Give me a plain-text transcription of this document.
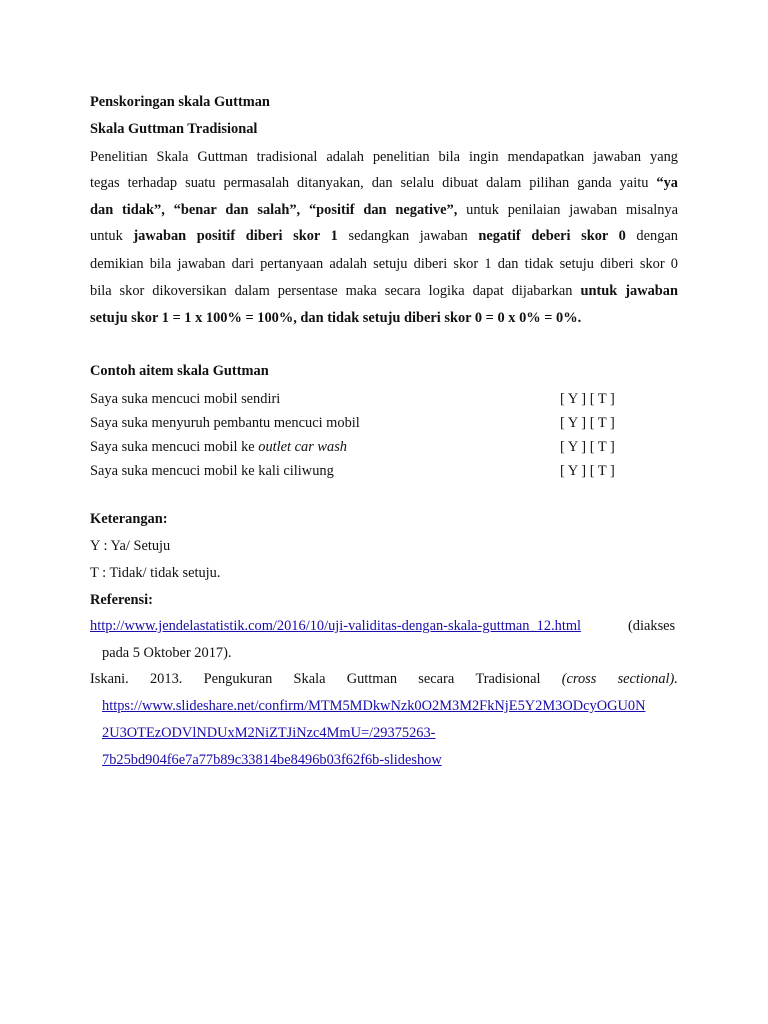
Penskoringan skala Guttman
Skala Guttman Tradisional
Penelitian Skala Guttman tradisional adalah penelitian bila ingin mendapatkan jawaban yang
tegas terhadap suatu permasalah ditanyakan, dan selalu dibuat dalam pilihan ganda yaitu “ya
dan tidak”, “benar dan salah”, “positif dan negative”, untuk penilaian jawaban misalnya
untuk jawaban positif diberi skor 1 sedangkan jawaban negatif deberi skor 0 dengan
demikian bila jawaban dari pertanyaan adalah setuju diberi skor 1 dan tidak setuju diberi skor 0
bila skor dikoversikan dalam persentase maka secara logika dapat dijabarkan untuk jawaban
setuju skor 1 = 1 x 100% = 100%, dan tidak setuju diberi skor 0 = 0 x 0% = 0%.
Contoh aitem skala Guttman
Saya suka mencuci mobil sendiri	[ Y ] [ T ]
Saya suka menyuruh pembantu mencuci mobil	[ Y ] [ T ]
Saya suka mencuci mobil ke outlet car wash	[ Y ] [ T ]
Saya suka mencuci mobil ke kali ciliwung	[ Y ] [ T ]
Keterangan:
Y : Ya/ Setuju
T : Tidak/ tidak setuju.
Referensi:
http://www.jendelastatistik.com/2016/10/uji-validitas-dengan-skala-guttman_12.html	(diakses
pada 5 Oktober 2017).
Iskani. 2013. Pengukuran Skala Guttman secara Tradisional (cross sectional).
https://www.slideshare.net/confirm/MTM5MDkwNzk0O2M3M2FkNjE5Y2M3ODcyOGU0N
2U3OTEzODVlNDUxM2NiZTJiNzc4MmU=/29375263-
7b25bd904f6e7a77b89c33814be8496b03f62f6b-slideshow
